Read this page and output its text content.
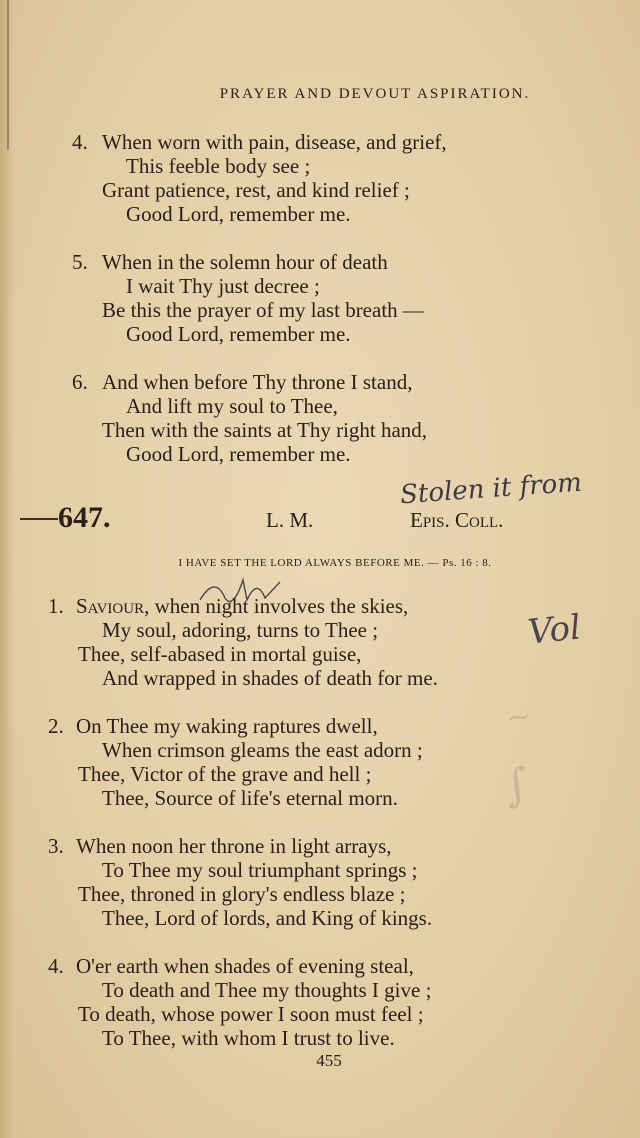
PRAYER AND DEVOUT ASPIRATION.
4. When worn with pain, disease, and grief,
This feeble body see ;
Grant patience, rest, and kind relief ;
Good Lord, remember me.
5. When in the solemn hour of death
I wait Thy just decree ;
Be this the prayer of my last breath —
Good Lord, remember me.
6. And when before Thy throne I stand,
And lift my soul to Thee,
Then with the saints at Thy right hand,
Good Lord, remember me.
647.	L. M.	Epis. Coll.
Stolen it from
I HAVE SET THE LORD ALWAYS BEFORE ME. — Ps. 16 : 8.
1. Saviour, when night involves the skies,
My soul, adoring, turns to Thee ;
Thee, self-abased in mortal guise,
And wrapped in shades of death for me.
Vol
~
∫
2. On Thee my waking raptures dwell,
When crimson gleams the east adorn ;
Thee, Victor of the grave and hell ;
Thee, Source of life's eternal morn.
3. When noon her throne in light arrays,
To Thee my soul triumphant springs ;
Thee, throned in glory's endless blaze ;
Thee, Lord of lords, and King of kings.
4. O'er earth when shades of evening steal,
To death and Thee my thoughts I give ;
To death, whose power I soon must feel ;
To Thee, with whom I trust to live.
455
